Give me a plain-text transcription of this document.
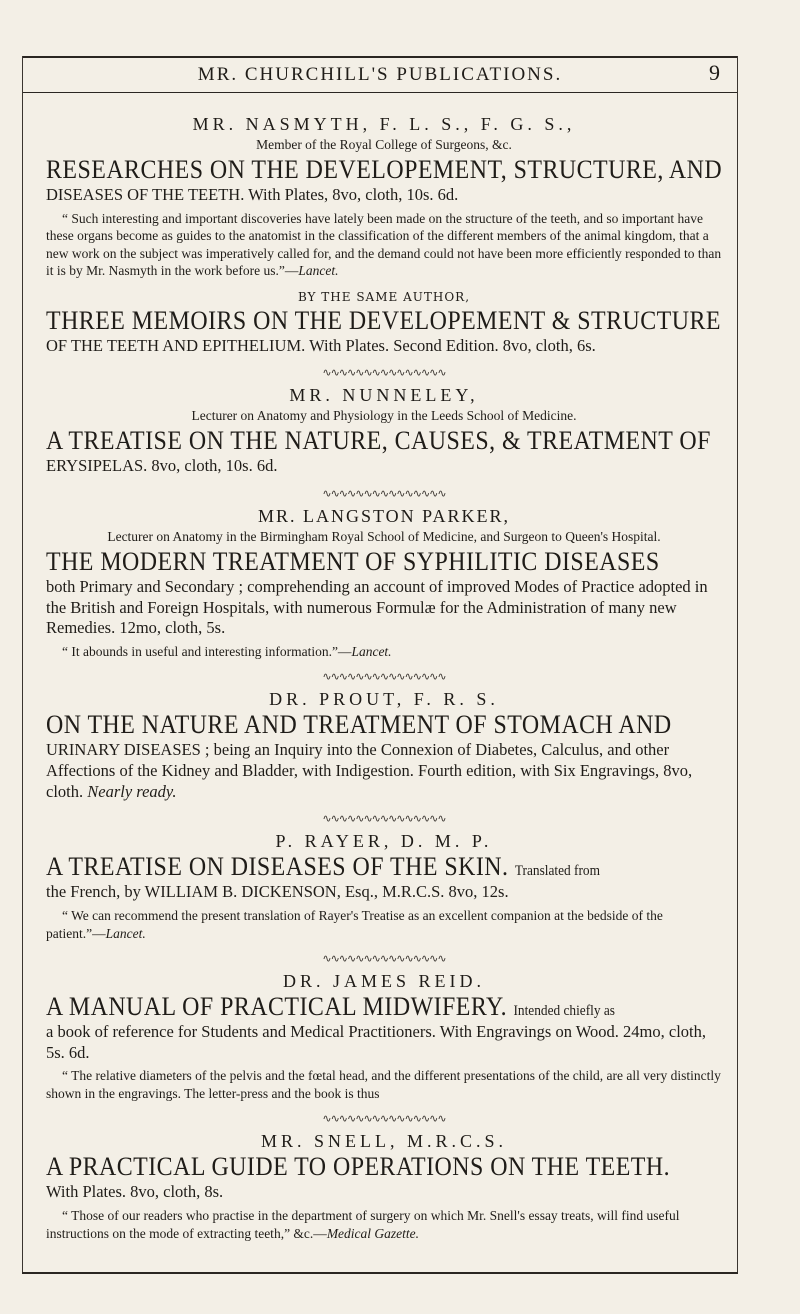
MR. CHURCHILL'S PUBLICATIONS.	9
MR. NASMYTH, F. L. S., F. G. S.,
Member of the Royal College of Surgeons, &c.
RESEARCHES ON THE DEVELOPEMENT, STRUCTURE, AND
DISEASES OF THE TEETH. With Plates, 8vo, cloth, 10s. 6d.

“ Such interesting and important discoveries have lately been made on the structure of the teeth, and so important have these organs become as guides to the anatomist in the classification of the different members of the animal kingdom, that a new work on the subject was imperatively called for, and the demand could not have been more efficiently responded to than it is by Mr. Nasmyth in the work before us.”—Lancet.

BY THE SAME AUTHOR,
THREE MEMOIRS ON THE DEVELOPEMENT & STRUCTURE
OF THE TEETH AND EPITHELIUM. With Plates. Second Edition. 8vo, cloth, 6s.
∿∿∿∿∿∿∿∿∿∿∿∿∿∿∿
MR. NUNNELEY,
Lecturer on Anatomy and Physiology in the Leeds School of Medicine.
A TREATISE ON THE NATURE, CAUSES, & TREATMENT OF
ERYSIPELAS. 8vo, cloth, 10s. 6d.
∿∿∿∿∿∿∿∿∿∿∿∿∿∿∿
MR. LANGSTON PARKER,
Lecturer on Anatomy in the Birmingham Royal School of Medicine, and Surgeon to Queen's Hospital.
THE MODERN TREATMENT OF SYPHILITIC DISEASES
both Primary and Secondary ; comprehending an account of improved Modes of Practice adopted in the British and Foreign Hospitals, with numerous Formulæ for the Administration of many new Remedies. 12mo, cloth, 5s.

“ It abounds in useful and interesting information.”—Lancet.

∿∿∿∿∿∿∿∿∿∿∿∿∿∿∿
DR. PROUT, F. R. S.
ON THE NATURE AND TREATMENT OF STOMACH AND
URINARY DISEASES ; being an Inquiry into the Connexion of Diabetes, Calculus, and other Affections of the Kidney and Bladder, with Indigestion. Fourth edition, with Six Engravings, 8vo, cloth. Nearly ready.
∿∿∿∿∿∿∿∿∿∿∿∿∿∿∿
P. RAYER, D. M. P.
A TREATISE ON DISEASES OF THE SKIN. Translated from
the French, by WILLIAM B. DICKENSON, Esq., M.R.C.S. 8vo, 12s.

“ We can recommend the present translation of Rayer's Treatise as an excellent companion at the bedside of the patient.”—Lancet.

∿∿∿∿∿∿∿∿∿∿∿∿∿∿∿
DR. JAMES REID.
A MANUAL OF PRACTICAL MIDWIFERY. Intended chiefly as
a book of reference for Students and Medical Practitioners. With Engravings on Wood. 24mo, cloth, 5s. 6d.

“ The relative diameters of the pelvis and the fœtal head, and the different presentations of the child, are all very distinctly shown in the engravings. The letter-press and the book is thus

∿∿∿∿∿∿∿∿∿∿∿∿∿∿∿
MR. SNELL, M.R.C.S.
A PRACTICAL GUIDE TO OPERATIONS ON THE TEETH.
With Plates. 8vo, cloth, 8s.

“ Those of our readers who practise in the department of surgery on which Mr. Snell's essay treats, will find useful instructions on the mode of extracting teeth,” &c.—Medical Gazette.
